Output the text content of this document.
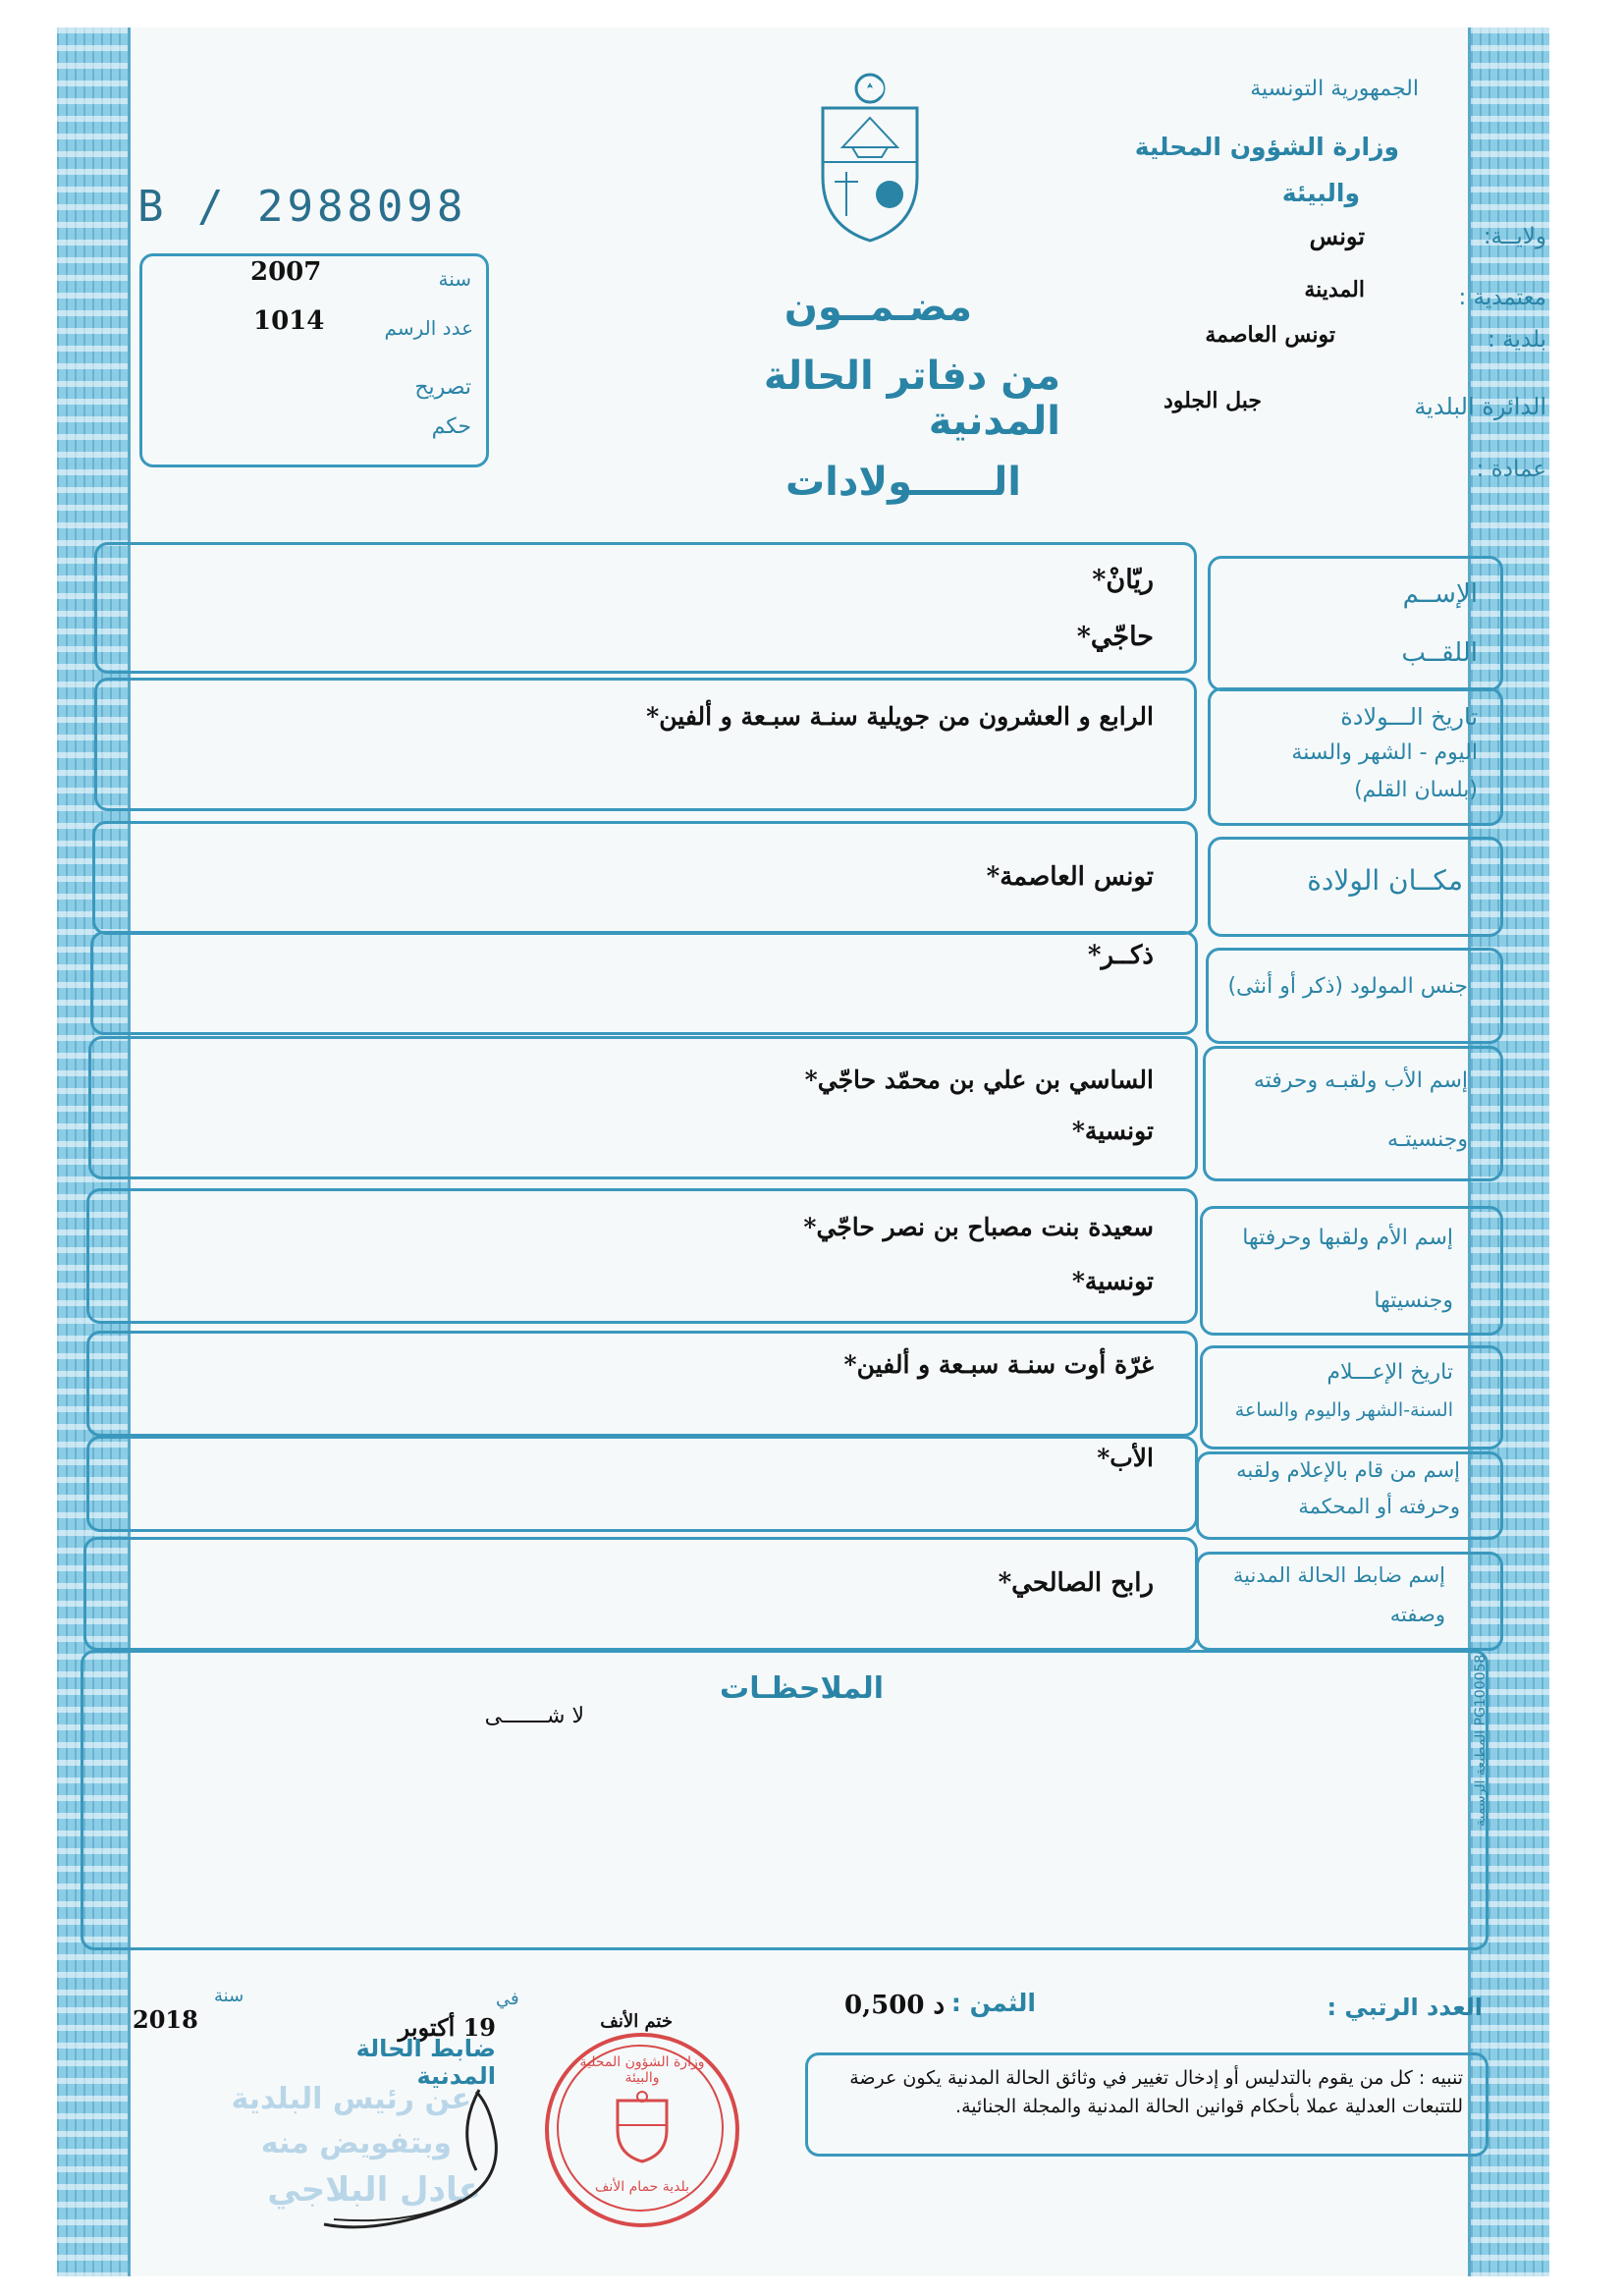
B / 2988098
2007	سنة
1014	عدد الرسم
تصريح
حكم
الجمهورية التونسية
وزارة الشؤون المحلية
والبيئة
ولايــة:
تونس
معتمدية :
المدينة
بلدية :
تونس العاصمة
الدائرة البلدية
جبل الجلود
عمادة :
مضـمــون
من دفاتر الحالة المدنية
الــــــولادات
الإســم
اللقــب
ريّانْ*
حاجّي*
تاريخ الـــولادة
اليوم - الشهر والسنة
(بلسان القلم)
الرابع و العشرون من جويلية سنـة سبـعة و ألفين*
مكــان الولادة
تونس العاصمة*
جنس المولود (ذكر أو أنثى)
ذكــر*
إسم الأب ولقبـه وحرفته
وجنسيتـه
الساسي بن علي بن محمّد حاجّي*
تونسية*
إسم الأم ولقبها وحرفتها
وجنسيتها
سعيدة بنت مصباح بن نصر حاجّي*
تونسية*
تاريخ الإعـــلام
السنة-الشهر واليوم والساعة
غرّة أوت سنـة سبـعة و ألفين*
إسم من قام بالإعلام ولقبه
وحرفته أو المحكمة
الأب*
إسم ضابط الحالة المدنية
وصفته
رابح الصالحي*
الملاحظـات
لا شـــــــى
المطبعة الرسمية PG100058
العدد الرتبي :
الثمن :
0,500 د
ختم الأنف
في
19 أكتوبر
سنة
2018
ضابط الحالة المدنية
عن رئيس البلدية
وبتفويض منه
عادل البلاجي
وزارة الشؤون المحلية والبيئة
بلدية حمام الأنف
تنبيه : كل من يقوم بالتدليس أو إدخال تغيير في وثائق الحالة المدنية يكون عرضة للتتبعات العدلية عملا بأحكام قوانين الحالة المدنية والمجلة الجنائية.
